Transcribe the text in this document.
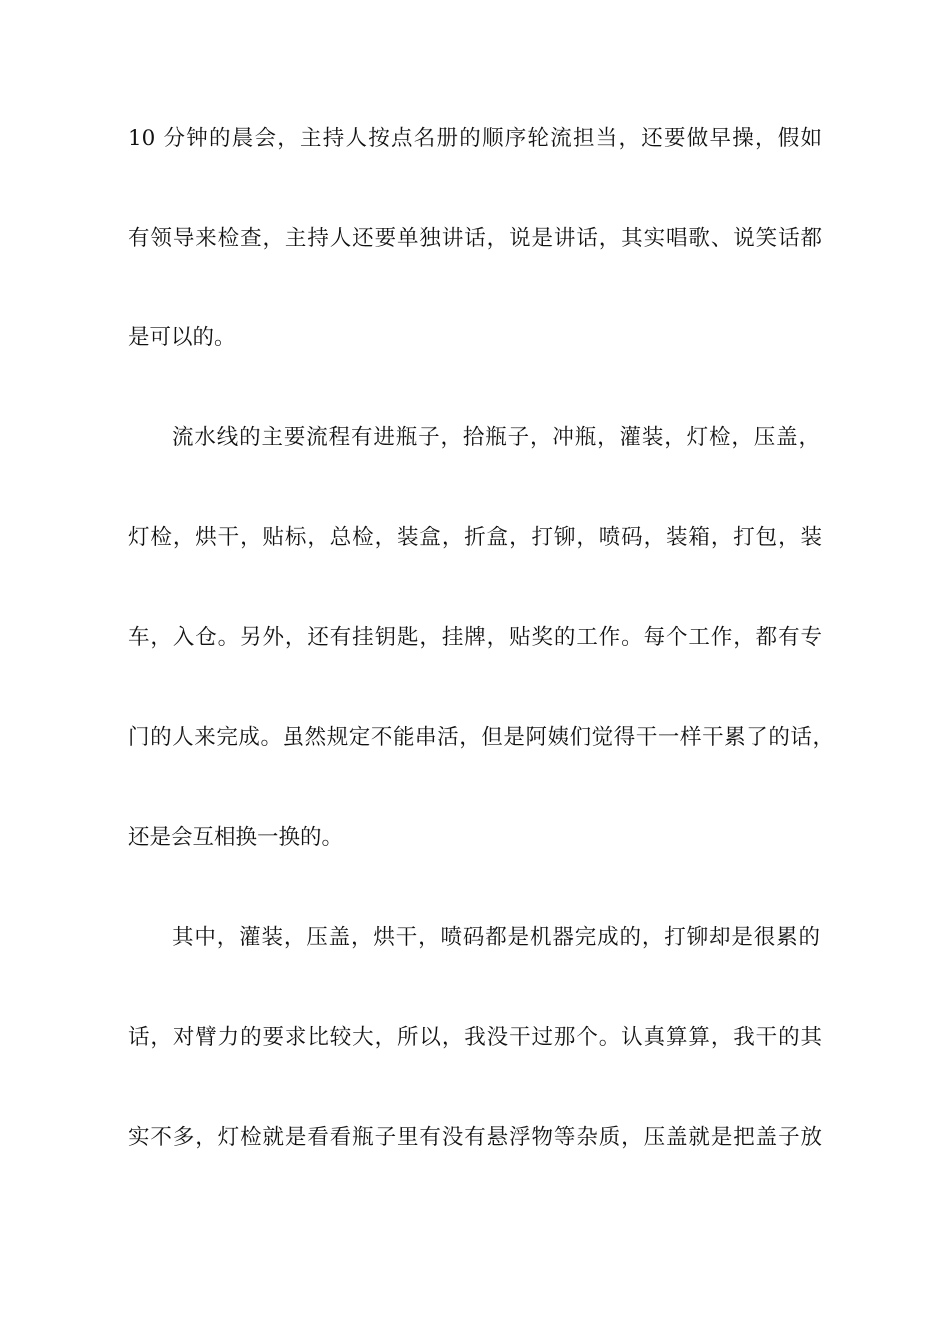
10 分钟的晨会，主持人按点名册的顺序轮流担当，还要做早操，假如
有领导来检查，主持人还要单独讲话，说是讲话，其实唱歌、说笑话都
是可以的。
流水线的主要流程有进瓶子，拾瓶子，冲瓶，灌装，灯检，压盖，
灯检，烘干，贴标，总检，装盒，折盒，打铆，喷码，装箱，打包，装
车，入仓。另外，还有挂钥匙，挂牌，贴奖的工作。每个工作，都有专
门的人来完成。虽然规定不能串活，但是阿姨们觉得干一样干累了的话，
还是会互相换一换的。
其中，灌装，压盖，烘干，喷码都是机器完成的，打铆却是很累的
话，对臂力的要求比较大，所以，我没干过那个。认真算算，我干的其
实不多，灯检就是看看瓶子里有没有悬浮物等杂质，压盖就是把盖子放
